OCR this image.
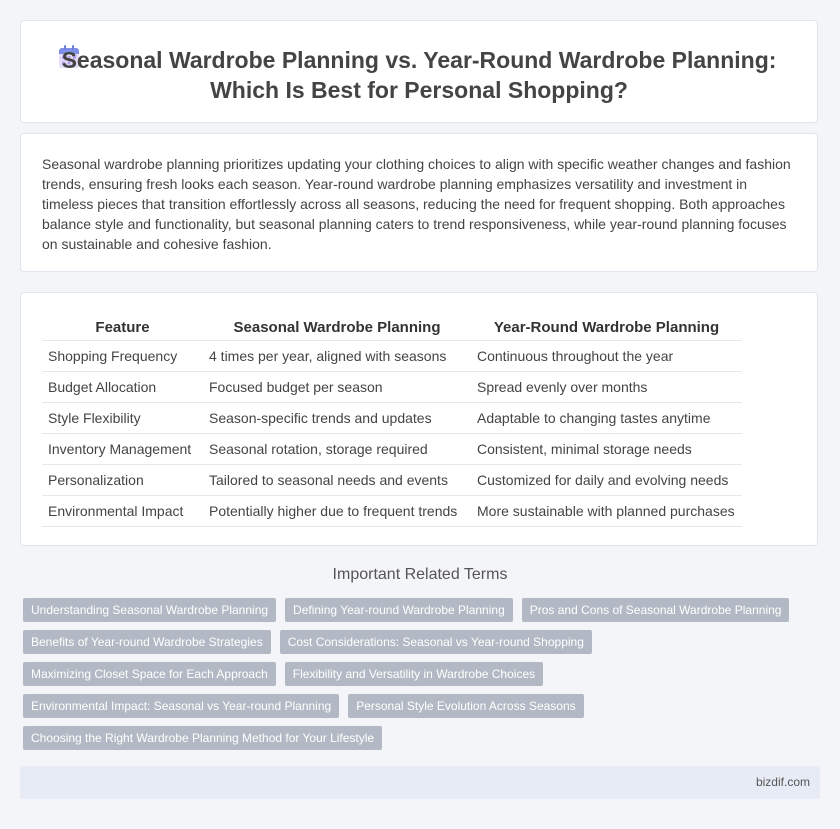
Seasonal Wardrobe Planning vs. Year-Round Wardrobe Planning:
Which Is Best for Personal Shopping?

Seasonal wardrobe planning prioritizes updating your clothing choices to align with specific weather changes and fashion trends, ensuring fresh looks each season. Year-round wardrobe planning emphasizes versatility and investment in timeless pieces that transition effortlessly across all seasons, reducing the need for frequent shopping. Both approaches balance style and functionality, but seasonal planning caters to trend responsiveness, while year-round planning focuses on sustainable and cohesive fashion.

Feature	Seasonal Wardrobe Planning	Year-Round Wardrobe Planning
Shopping Frequency	4 times per year, aligned with seasons	Continuous throughout the year
Budget Allocation	Focused budget per season	Spread evenly over months
Style Flexibility	Season-specific trends and updates	Adaptable to changing tastes anytime
Inventory Management	Seasonal rotation, storage required	Consistent, minimal storage needs
Personalization	Tailored to seasonal needs and events	Customized for daily and evolving needs
Environmental Impact	Potentially higher due to frequent trends	More sustainable with planned purchases
Important Related Terms
Understanding Seasonal Wardrobe Planning	Defining Year-round Wardrobe Planning	Pros and Cons of Seasonal Wardrobe Planning
Benefits of Year-round Wardrobe Strategies	Cost Considerations: Seasonal vs Year-round Shopping
Maximizing Closet Space for Each Approach	Flexibility and Versatility in Wardrobe Choices
Environmental Impact: Seasonal vs Year-round Planning	Personal Style Evolution Across Seasons
Choosing the Right Wardrobe Planning Method for Your Lifestyle
bizdif.com
